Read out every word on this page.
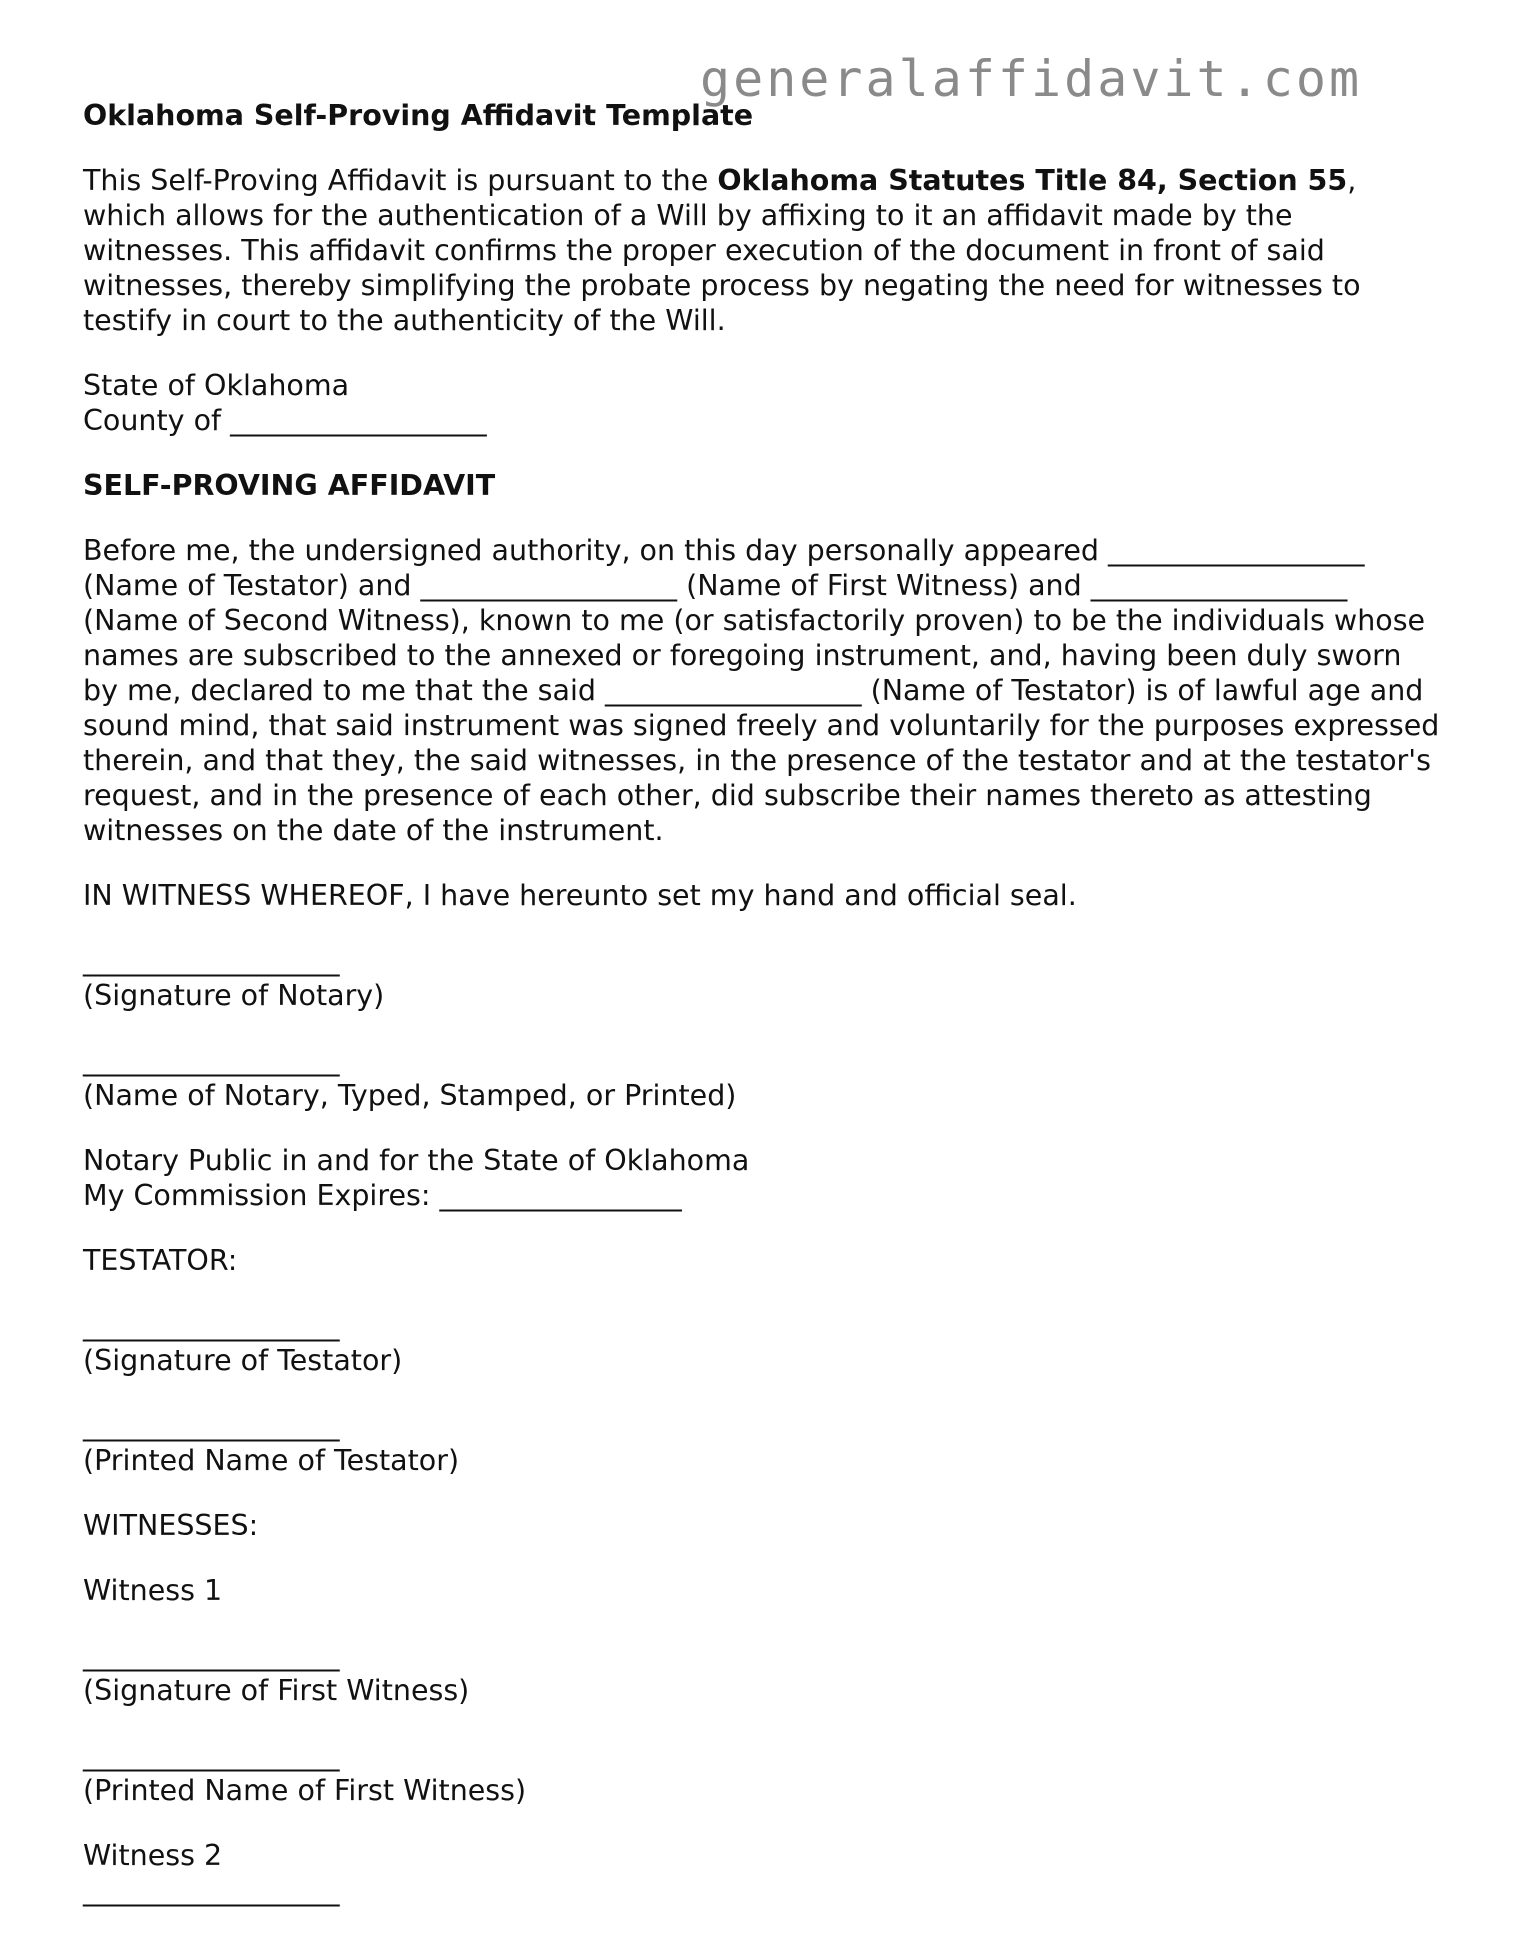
generalaffidavit.com
Oklahoma Self-Proving Affidavit Template
This Self-Proving Affidavit is pursuant to the Oklahoma Statutes Title 84, Section 55, which allows for the authentication of a Will by affixing to it an affidavit made by the witnesses. This affidavit confirms the proper execution of the document in front of said witnesses, thereby simplifying the probate process by negating the need for witnesses to testify in court to the authenticity of the Will.
State of Oklahoma
County of __________________
SELF-PROVING AFFIDAVIT
Before me, the undersigned authority, on this day personally appeared __________________ (Name of Testator) and __________________ (Name of First Witness) and __________________ (Name of Second Witness), known to me (or satisfactorily proven) to be the individuals whose names are subscribed to the annexed or foregoing instrument, and, having been duly sworn by me, declared to me that the said __________________ (Name of Testator) is of lawful age and sound mind, that said instrument was signed freely and voluntarily for the purposes expressed therein, and that they, the said witnesses, in the presence of the testator and at the testator's request, and in the presence of each other, did subscribe their names thereto as attesting witnesses on the date of the instrument.
IN WITNESS WHEREOF, I have hereunto set my hand and official seal.
__________________
(Signature of Notary)
__________________
(Name of Notary, Typed, Stamped, or Printed)
Notary Public in and for the State of Oklahoma
My Commission Expires: _________________
TESTATOR:
__________________
(Signature of Testator)
__________________
(Printed Name of Testator)
WITNESSES:
Witness 1
__________________
(Signature of First Witness)
__________________
(Printed Name of First Witness)
Witness 2
__________________
